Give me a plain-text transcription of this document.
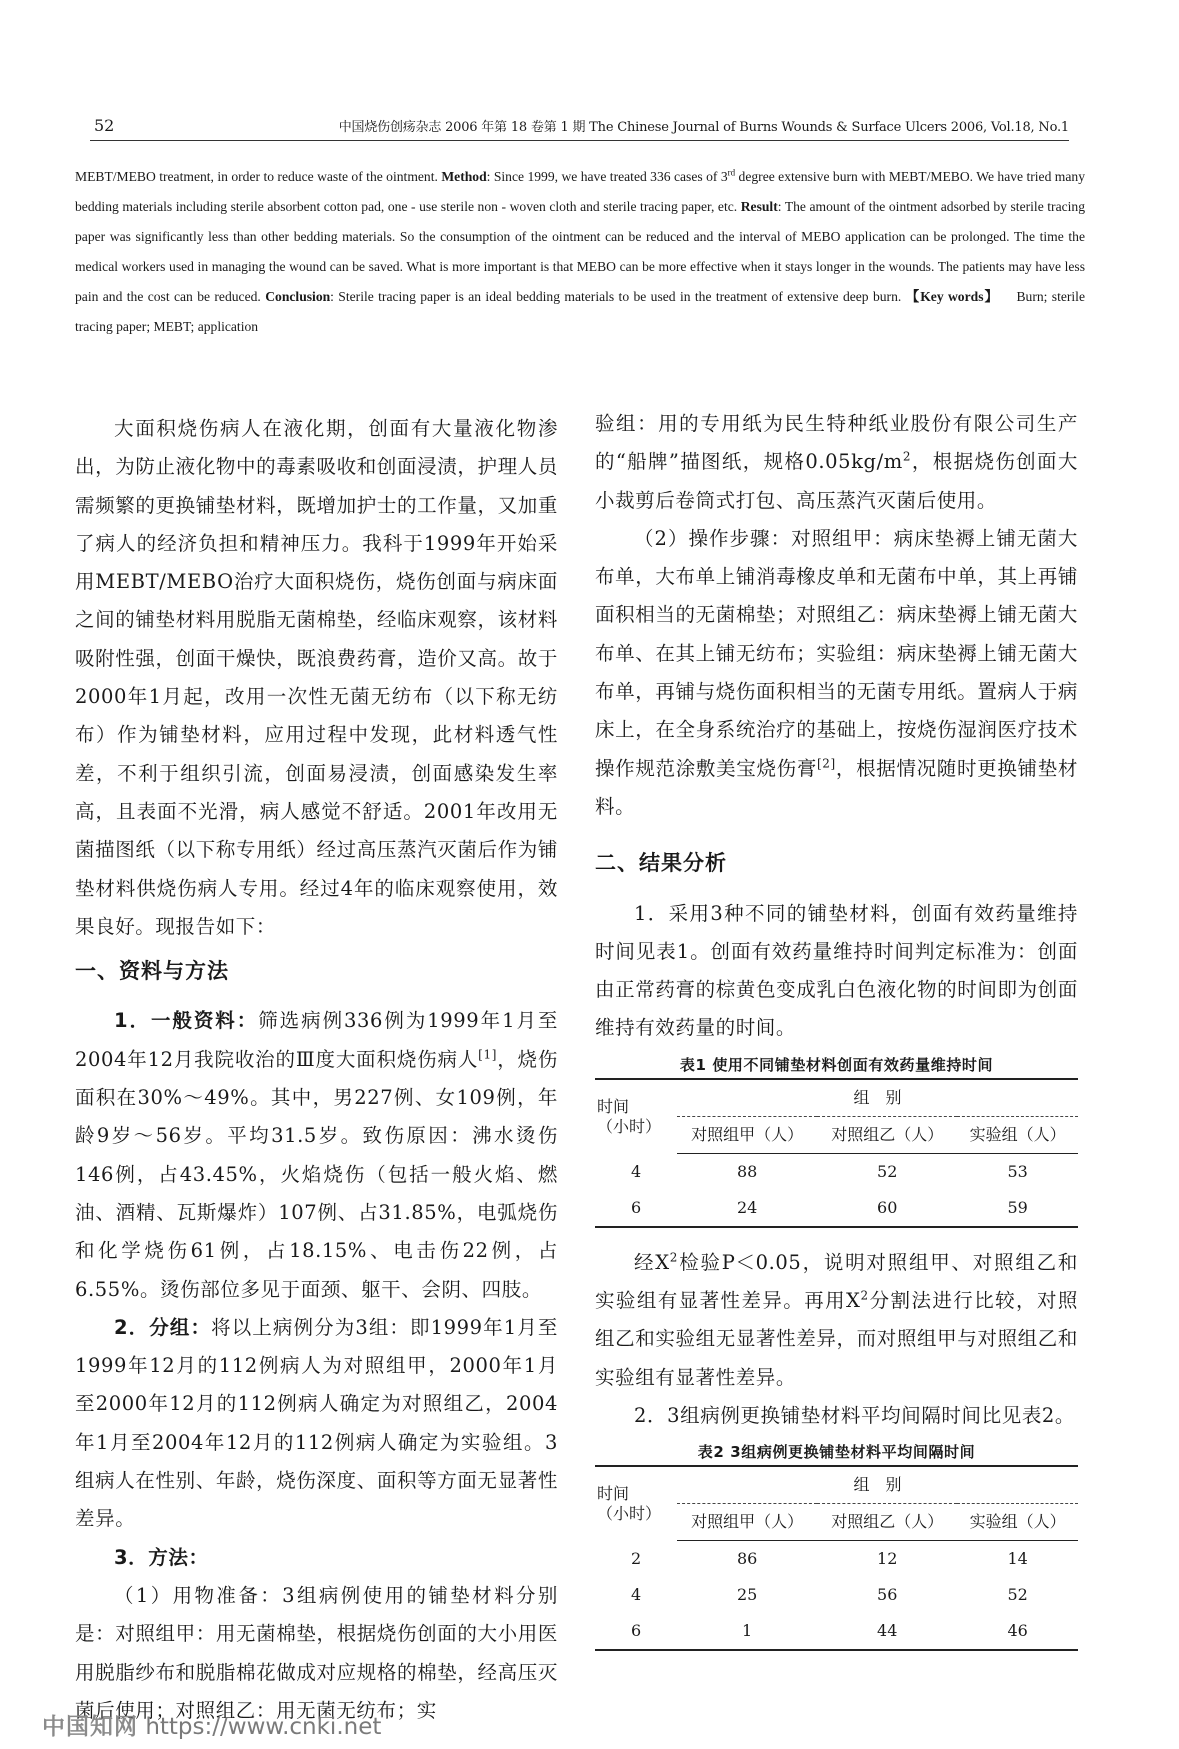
52	中国烧伤创疡杂志 2006 年第 18 卷第 1 期 The Chinese Journal of Burns Wounds & Surface Ulcers 2006, Vol.18, No.1
MEBT/MEBO treatment, in order to reduce waste of the ointment. Method: Since 1999, we have treated 336 cases of 3rd degree extensive burn with MEBT/MEBO. We have tried many bedding materials including sterile absorbent cotton pad, one - use sterile non - woven cloth and sterile tracing paper, etc. Result: The amount of the ointment adsorbed by sterile tracing paper was significantly less than other bedding materials. So the consumption of the ointment can be reduced and the interval of MEBO application can be prolonged. The time the medical workers used in managing the wound can be saved. What is more important is that MEBO can be more effective when it stays longer in the wounds. The patients may have less pain and the cost can be reduced. Conclusion: Sterile tracing paper is an ideal bedding materials to be used in the treatment of extensive deep burn. 【Key words】 Burn; sterile tracing paper; MEBT; application

大面积烧伤病人在液化期，创面有大量液化物渗出，为防止液化物中的毒素吸收和创面浸渍，护理人员需频繁的更换铺垫材料，既增加护士的工作量，又加重了病人的经济负担和精神压力。我科于1999年开始采用MEBT/MEBO治疗大面积烧伤，烧伤创面与病床面之间的铺垫材料用脱脂无菌棉垫，经临床观察，该材料吸附性强，创面干燥快，既浪费药膏，造价又高。故于2000年1月起，改用一次性无菌无纺布（以下称无纺布）作为铺垫材料，应用过程中发现，此材料透气性差，不利于组织引流，创面易浸渍，创面感染发生率高，且表面不光滑，病人感觉不舒适。2001年改用无菌描图纸（以下称专用纸）经过高压蒸汽灭菌后作为铺垫材料供烧伤病人专用。经过4年的临床观察使用，效果良好。现报告如下：

一、资料与方法

1．一般资料：筛选病例336例为1999年1月至2004年12月我院收治的Ⅲ度大面积烧伤病人[1]，烧伤面积在30%～49%。其中，男227例、女109例，年龄9岁～56岁。平均31.5岁。致伤原因：沸水烫伤146例，占43.45%，火焰烧伤（包括一般火焰、燃油、酒精、瓦斯爆炸）107例、占31.85%，电弧烧伤和化学烧伤61例，占18.15%、电击伤22例，占6.55%。烫伤部位多见于面颈、躯干、会阴、四肢。

2．分组：将以上病例分为3组：即1999年1月至1999年12月的112例病人为对照组甲，2000年1月至2000年12月的112例病人确定为对照组乙，2004年1月至2004年12月的112例病人确定为实验组。3组病人在性别、年龄，烧伤深度、面积等方面无显著性差异。

3．方法：

（1）用物准备：3组病例使用的铺垫材料分别是：对照组甲：用无菌棉垫，根据烧伤创面的大小用医用脱脂纱布和脱脂棉花做成对应规格的棉垫，经高压灭菌后使用；对照组乙：用无菌无纺布；实

验组：用的专用纸为民生特种纸业股份有限公司生产的“船牌”描图纸，规格$0.05kg/m^2$，根据烧伤创面大小裁剪后卷筒式打包、高压蒸汽灭菌后使用。

（2）操作步骤：对照组甲：病床垫褥上铺无菌大布单，大布单上铺消毒橡皮单和无菌布中单，其上再铺面积相当的无菌棉垫；对照组乙：病床垫褥上铺无菌大布单、在其上铺无纺布；实验组：病床垫褥上铺无菌大布单，再铺与烧伤面积相当的无菌专用纸。置病人于病床上，在全身系统治疗的基础上，按烧伤湿润医疗技术操作规范涂敷美宝烧伤膏[2]，根据情况随时更换铺垫材料。

二、结果分析

1．采用3种不同的铺垫材料，创面有效药量维持时间见表1。创面有效药量维持时间判定标准为：创面由正常药膏的棕黄色变成乳白色液化物的时间即为创面维持有效药量的时间。

表1 使用不同铺垫材料创面有效药量维持时间
时间
（小时）	组　别		
	对照组甲（人）	对照组乙（人）	实验组（人）
4	88	52	53
6	24	60	59

经$X^2$检验P＜0.05，说明对照组甲、对照组乙和实验组有显著性差异。再用$X^2$分割法进行比较，对照组乙和实验组无显著性差异，而对照组甲与对照组乙和实验组有显著性差异。

2．3组病例更换铺垫材料平均间隔时间比见表2。

表2 3组病例更换铺垫材料平均间隔时间
时间
（小时）	组　别		
	对照组甲（人）	对照组乙（人）	实验组（人）
2	86	12	14
4	25	56	52
6	1	44	46
中国知网 https://www.cnki.net
